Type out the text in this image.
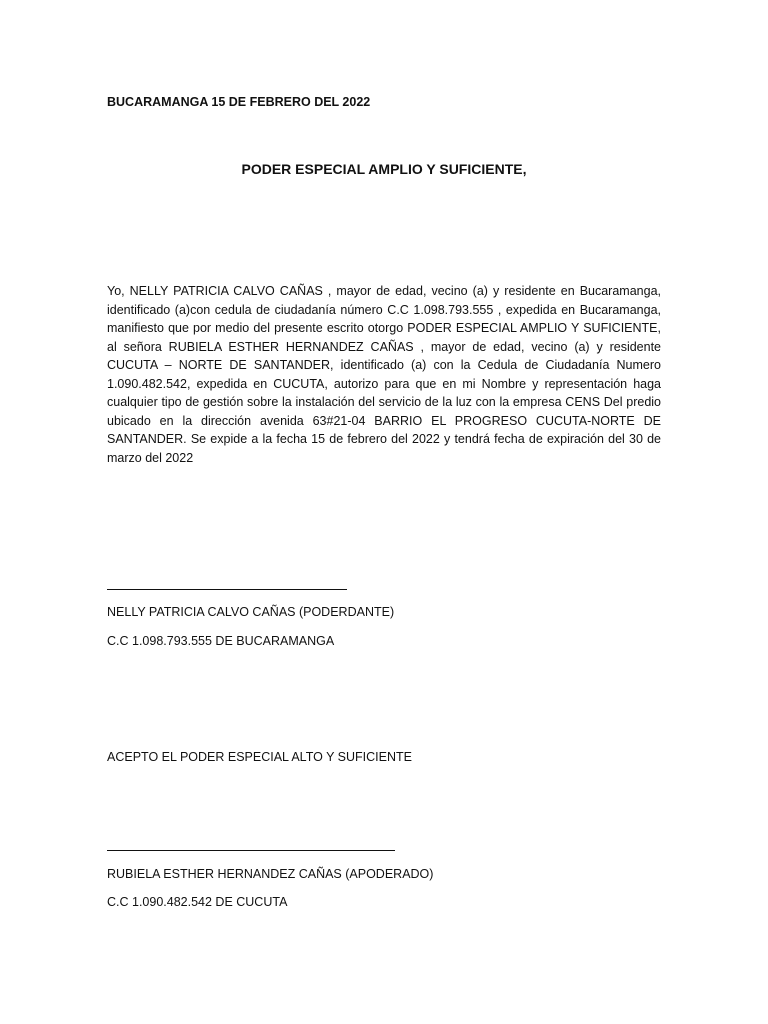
BUCARAMANGA 15 DE FEBRERO DEL 2022
PODER ESPECIAL AMPLIO Y SUFICIENTE,
Yo, NELLY PATRICIA CALVO CAÑAS , mayor de edad, vecino (a) y residente en Bucaramanga, identificado (a)con cedula de ciudadanía número C.C 1.098.793.555 , expedida en Bucaramanga, manifiesto que por medio del presente escrito otorgo PODER ESPECIAL AMPLIO Y SUFICIENTE, al señora RUBIELA ESTHER HERNANDEZ CAÑAS , mayor de edad, vecino (a) y residente CUCUTA – NORTE DE SANTANDER, identificado (a) con la Cedula de Ciudadanía Numero 1.090.482.542, expedida en CUCUTA, autorizo para que en mi Nombre y representación haga cualquier tipo de gestión sobre la instalación del servicio de la luz con la empresa CENS Del predio ubicado en la dirección avenida 63#21-04 BARRIO EL PROGRESO CUCUTA-NORTE DE SANTANDER. Se expide a la fecha 15 de febrero del 2022 y tendrá fecha de expiración del 30 de marzo del 2022
NELLY PATRICIA CALVO CAÑAS (PODERDANTE)
C.C 1.098.793.555 DE BUCARAMANGA
ACEPTO EL PODER ESPECIAL ALTO Y SUFICIENTE
RUBIELA ESTHER HERNANDEZ CAÑAS (APODERADO)
C.C 1.090.482.542 DE CUCUTA
